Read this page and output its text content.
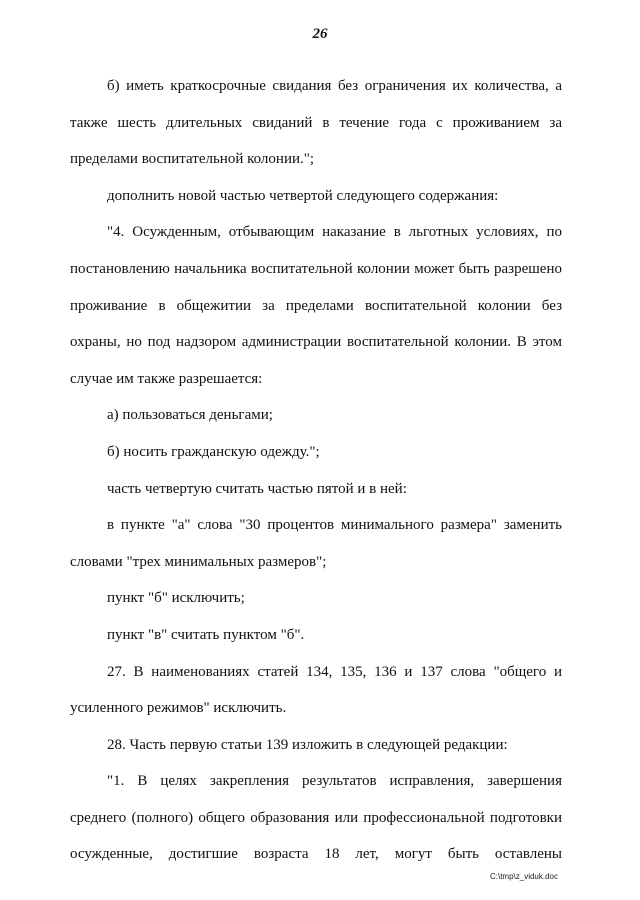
26

б) иметь краткосрочные свидания без ограничения их количества, а также шесть длительных свиданий в течение года с проживанием за пределами воспитательной колонии.";

дополнить новой частью четвертой следующего содержания:

"4. Осужденным, отбывающим наказание в льготных условиях, по постановлению начальника воспитательной колонии может быть разрешено проживание в общежитии за пределами воспитательной колонии без охраны, но под надзором администрации воспитательной колонии. В этом случае им также разрешается:

а) пользоваться деньгами;

б) носить гражданскую одежду.";

часть четвертую считать частью пятой и в ней:

в пункте "а" слова "30 процентов минимального размера" заменить словами "трех минимальных размеров";

пункт "б" исключить;

пункт "в" считать пунктом "б".

27. В наименованиях статей 134, 135, 136 и 137 слова "общего и усиленного режимов" исключить.

28. Часть первую статьи 139 изложить в следующей редакции:

"1. В целях закрепления результатов исправления, завершения среднего (полного) общего образования или профессиональной подготовки осужденные, достигшие возраста 18 лет, могут быть оставлены

C:\tmp\z_viduk.doc
